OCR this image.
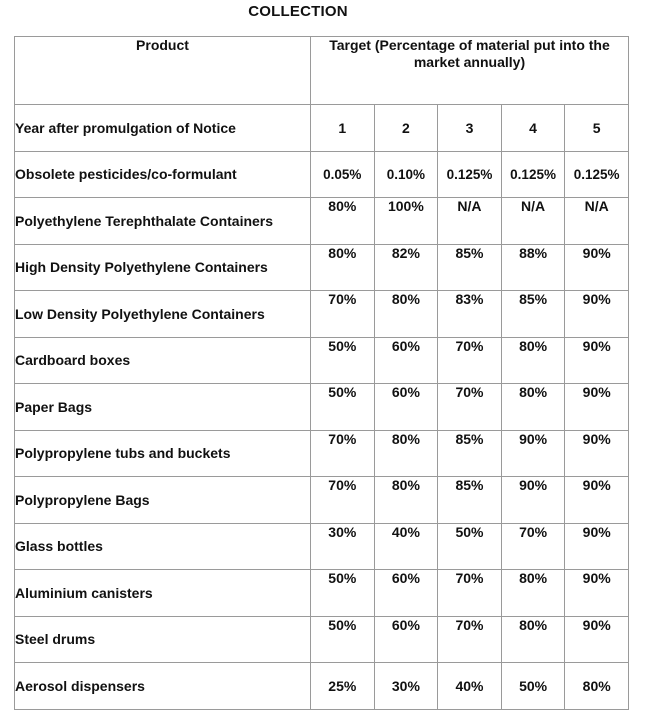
COLLECTION
Product	Target (Percentage of material put into the market annually)				
Year after promulgation of Notice	1	2	3	4	5
Obsolete pesticides/co-formulant	0.05%	0.10%	0.125%	0.125%	0.125%
Polyethylene Terephthalate Containers	80%	100%	N/A	N/A	N/A
High Density Polyethylene Containers	80%	82%	85%	88%	90%
Low Density Polyethylene Containers	70%	80%	83%	85%	90%
Cardboard boxes	50%	60%	70%	80%	90%
Paper Bags	50%	60%	70%	80%	90%
Polypropylene tubs and buckets	70%	80%	85%	90%	90%
Polypropylene Bags	70%	80%	85%	90%	90%
Glass bottles	30%	40%	50%	70%	90%
Aluminium canisters	50%	60%	70%	80%	90%
Steel drums	50%	60%	70%	80%	90%
Aerosol dispensers	25%	30%	40%	50%	80%
